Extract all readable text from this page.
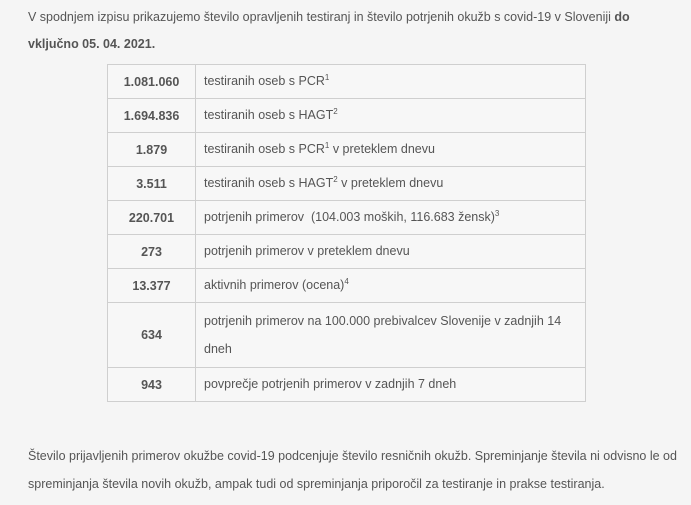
V spodnjem izpisu prikazujemo število opravljenih testiranj in število potrjenih okužb s covid-19 v Sloveniji do vključno 05. 04. 2021.

1.081.060	testiranih oseb s PCR$^1$
1.694.836	testiranih oseb s HAGT$^2$
1.879	testiranih oseb s PCR$^1$ v preteklem dnevu
3.511	testiranih oseb s HAGT$^2$ v preteklem dnevu
220.701	potrjenih primerov  (104.003 moških, 116.683 žensk)$^3$
273	potrjenih primerov v preteklem dnevu
13.377	aktivnih primerov (ocena)$^4$
634	potrjenih primerov na 100.000 prebivalcev Slovenije v zadnjih 14 dneh
943	povprečje potrjenih primerov v zadnjih 7 dneh

Število prijavljenih primerov okužbe covid-19 podcenjuje število resničnih okužb. Spreminjanje števila ni odvisno le od spreminjanja števila novih okužb, ampak tudi od spreminjanja priporočil za testiranje in prakse testiranja.
